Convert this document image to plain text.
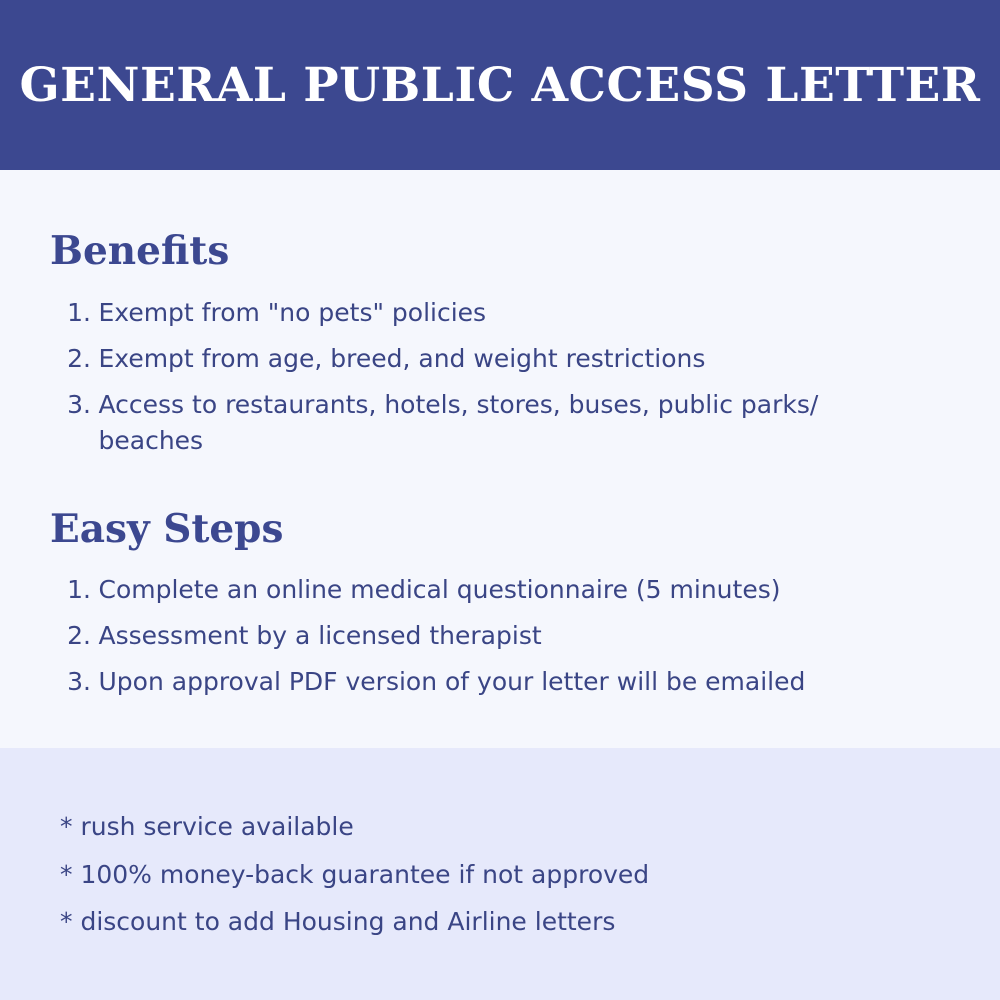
GENERAL PUBLIC ACCESS LETTER
Benefits
1. Exempt from "no pets" policies
2. Exempt from age, breed, and weight restrictions
3. Access to restaurants, hotels, stores, buses, public parks/ beaches
Easy Steps
1. Complete an online medical questionnaire (5 minutes)
2. Assessment by a licensed therapist
3. Upon approval PDF version of your letter will be emailed
* rush service available
* 100% money-back guarantee if not approved
* discount to add Housing and Airline letters
